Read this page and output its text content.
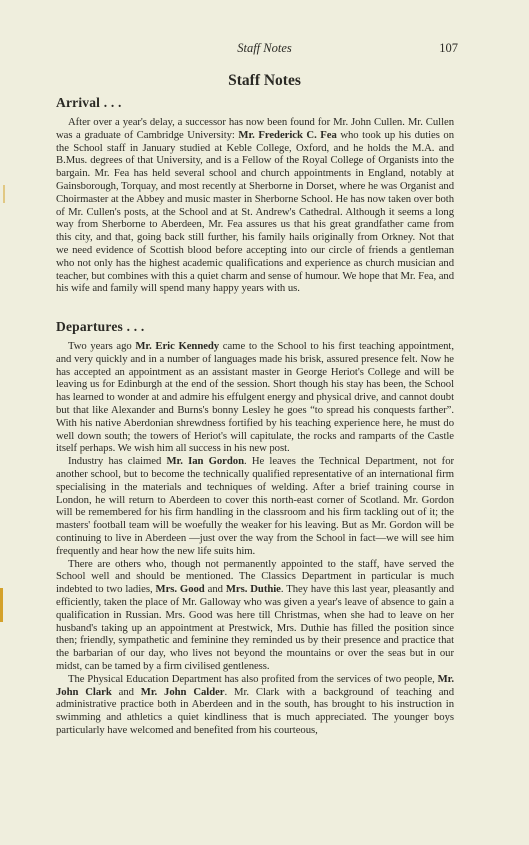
Staff Notes	107
Staff Notes
Arrival . . .

After over a year's delay, a successor has now been found for Mr. John Cullen. Mr. Cullen was a graduate of Cambridge University: Mr. Frederick C. Fea who took up his duties on the School staff in January studied at Keble College, Oxford, and he holds the M.A. and B.Mus. degrees of that University, and is a Fellow of the Royal College of Organists into the bargain. Mr. Fea has held several school and church appointments in England, notably at Gainsborough, Torquay, and most recently at Sherborne in Dorset, where he was Organist and Choirmaster at the Abbey and music master in Sherborne School. He has now taken over both of Mr. Cullen's posts, at the School and at St. Andrew's Cathedral. Although it seems a long way from Sherborne to Aberdeen, Mr. Fea assures us that his great grandfather came from this city, and that, going back still further, his family hails originally from Orkney. Not that we need evidence of Scottish blood before accepting into our circle of friends a gentleman who not only has the highest academic qualifications and experience as church musician and teacher, but combines with this a quiet charm and sense of humour. We hope that Mr. Fea, and his wife and family will spend many happy years with us.

Departures . . .

Two years ago Mr. Eric Kennedy came to the School to his first teaching appointment, and very quickly and in a number of languages made his brisk, assured presence felt. Now he has accepted an appointment as an assistant master in George Heriot's College and will be leaving us for Edinburgh at the end of the session. Short though his stay has been, the School has learned to wonder at and admire his effulgent energy and physical drive, and cannot doubt but that like Alexander and Burns's bonny Lesley he goes “to spread his conquests farther”. With his native Aberdonian shrewdness fortified by his teaching experience here, he must do well down south; the towers of Heriot's will capitulate, the rocks and ramparts of the Castle itself perhaps. We wish him all success in his new post.

Industry has claimed Mr. Ian Gordon. He leaves the Technical Department, not for another school, but to become the technically qualified representative of an international firm specialising in the materials and techniques of welding. After a brief training course in London, he will return to Aberdeen to cover this north-east corner of Scotland. Mr. Gordon will be remembered for his firm handling in the classroom and his firm tackling out of it; the masters' football team will be woefully the weaker for his leaving. But as Mr. Gordon will be continuing to live in Aberdeen —just over the way from the School in fact—we will see him frequently and hear how the new life suits him.

There are others who, though not permanently appointed to the staff, have served the School well and should be mentioned. The Classics Department in particular is much indebted to two ladies, Mrs. Good and Mrs. Duthie. They have this last year, pleasantly and efficiently, taken the place of Mr. Galloway who was given a year's leave of absence to gain a qualification in Russian. Mrs. Good was here till Christmas, when she had to leave on her husband's taking up an appointment at Prestwick, Mrs. Duthie has filled the position since then; friendly, sympathetic and feminine they reminded us by their presence and practice that the barbarian of our day, who lives not beyond the mountains or over the seas but in our midst, can be tamed by a firm civilised gentleness.

The Physical Education Department has also profited from the services of two people, Mr. John Clark and Mr. John Calder. Mr. Clark with a background of teaching and administrative practice both in Aberdeen and in the south, has brought to his instruction in swimming and athletics a quiet kindliness that is much appreciated. The younger boys particularly have welcomed and benefited from his courteous,
